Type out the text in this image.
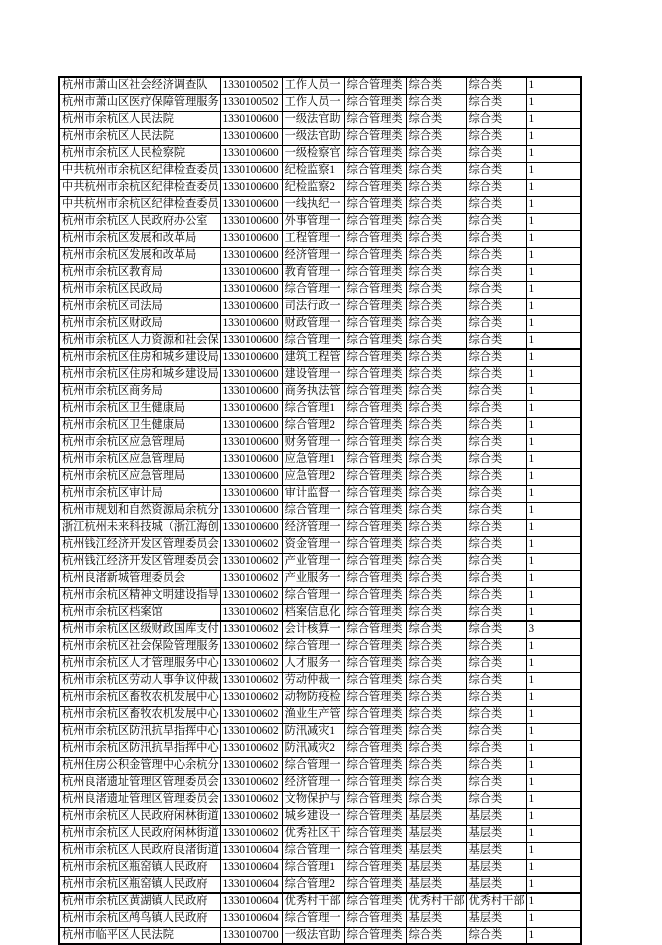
杭州市萧山区社会经济调查队	1330100502	工作人员一	综合管理类	综合类	综合类	1
杭州市萧山区医疗保障管理服务	1330100502	工作人员一	综合管理类	综合类	综合类	1
杭州市余杭区人民法院	1330100600	一级法官助	综合管理类	综合类	综合类	1
杭州市余杭区人民法院	1330100600	一级法官助	综合管理类	综合类	综合类	1
杭州市余杭区人民检察院	1330100600	一级检察官	综合管理类	综合类	综合类	1
中共杭州市余杭区纪律检查委员	1330100600	纪检监察1	综合管理类	综合类	综合类	1
中共杭州市余杭区纪律检查委员	1330100600	纪检监察2	综合管理类	综合类	综合类	1
中共杭州市余杭区纪律检查委员	1330100600	一线执纪一	综合管理类	综合类	综合类	1
杭州市余杭区人民政府办公室	1330100600	外事管理一	综合管理类	综合类	综合类	1
杭州市余杭区发展和改革局	1330100600	工程管理一	综合管理类	综合类	综合类	1
杭州市余杭区发展和改革局	1330100600	经济管理一	综合管理类	综合类	综合类	1
杭州市余杭区教育局	1330100600	教育管理一	综合管理类	综合类	综合类	1
杭州市余杭区民政局	1330100600	综合管理一	综合管理类	综合类	综合类	1
杭州市余杭区司法局	1330100600	司法行政一	综合管理类	综合类	综合类	1
杭州市余杭区财政局	1330100600	财政管理一	综合管理类	综合类	综合类	1
杭州市余杭区人力资源和社会保	1330100600	综合管理一	综合管理类	综合类	综合类	1
杭州市余杭区住房和城乡建设局	1330100600	建筑工程管	综合管理类	综合类	综合类	1
杭州市余杭区住房和城乡建设局	1330100600	建设管理一	综合管理类	综合类	综合类	1
杭州市余杭区商务局	1330100600	商务执法管	综合管理类	综合类	综合类	1
杭州市余杭区卫生健康局	1330100600	综合管理1	综合管理类	综合类	综合类	1
杭州市余杭区卫生健康局	1330100600	综合管理2	综合管理类	综合类	综合类	1
杭州市余杭区应急管理局	1330100600	财务管理一	综合管理类	综合类	综合类	1
杭州市余杭区应急管理局	1330100600	应急管理1	综合管理类	综合类	综合类	1
杭州市余杭区应急管理局	1330100600	应急管理2	综合管理类	综合类	综合类	1
杭州市余杭区审计局	1330100600	审计监督一	综合管理类	综合类	综合类	1
杭州市规划和自然资源局余杭分	1330100600	综合管理一	综合管理类	综合类	综合类	1
浙江杭州未来科技城（浙江海创	1330100600	经济管理一	综合管理类	综合类	综合类	1
杭州钱江经济开发区管理委员会	1330100602	资金管理一	综合管理类	综合类	综合类	1
杭州钱江经济开发区管理委员会	1330100602	产业管理一	综合管理类	综合类	综合类	1
杭州良渚新城管理委员会	1330100602	产业服务一	综合管理类	综合类	综合类	1
杭州市余杭区精神文明建设指导	1330100602	综合管理一	综合管理类	综合类	综合类	1
杭州市余杭区档案馆	1330100602	档案信息化	综合管理类	综合类	综合类	1
杭州市余杭区区级财政国库支付	1330100602	会计核算一	综合管理类	综合类	综合类	3
杭州市余杭区社会保险管理服务	1330100602	综合管理一	综合管理类	综合类	综合类	1
杭州市余杭区人才管理服务中心	1330100602	人才服务一	综合管理类	综合类	综合类	1
杭州市余杭区劳动人事争议仲裁	1330100602	劳动仲裁一	综合管理类	综合类	综合类	1
杭州市余杭区畜牧农机发展中心	1330100602	动物防疫检	综合管理类	综合类	综合类	1
杭州市余杭区畜牧农机发展中心	1330100602	渔业生产管	综合管理类	综合类	综合类	1
杭州市余杭区防汛抗旱指挥中心	1330100602	防汛减灾1	综合管理类	综合类	综合类	1
杭州市余杭区防汛抗旱指挥中心	1330100602	防汛减灾2	综合管理类	综合类	综合类	1
杭州住房公积金管理中心余杭分	1330100602	综合管理一	综合管理类	综合类	综合类	1
杭州良渚遗址管理区管理委员会	1330100602	经济管理一	综合管理类	综合类	综合类	1
杭州良渚遗址管理区管理委员会	1330100602	文物保护与	综合管理类	综合类	综合类	1
杭州市余杭区人民政府闲林街道	1330100602	城乡建设一	综合管理类	基层类	基层类	1
杭州市余杭区人民政府闲林街道	1330100602	优秀社区干	综合管理类	基层类	基层类	1
杭州市余杭区人民政府良渚街道	1330100604	综合管理一	综合管理类	基层类	基层类	1
杭州市余杭区瓶窑镇人民政府	1330100604	综合管理1	综合管理类	基层类	基层类	1
杭州市余杭区瓶窑镇人民政府	1330100604	综合管理2	综合管理类	基层类	基层类	1
杭州市余杭区黄湖镇人民政府	1330100604	优秀村干部	综合管理类	优秀村干部	优秀村干部	1
杭州市余杭区鸬鸟镇人民政府	1330100604	综合管理一	综合管理类	基层类	基层类	1
杭州市临平区人民法院	1330100700	一级法官助	综合管理类	综合类	综合类	1
